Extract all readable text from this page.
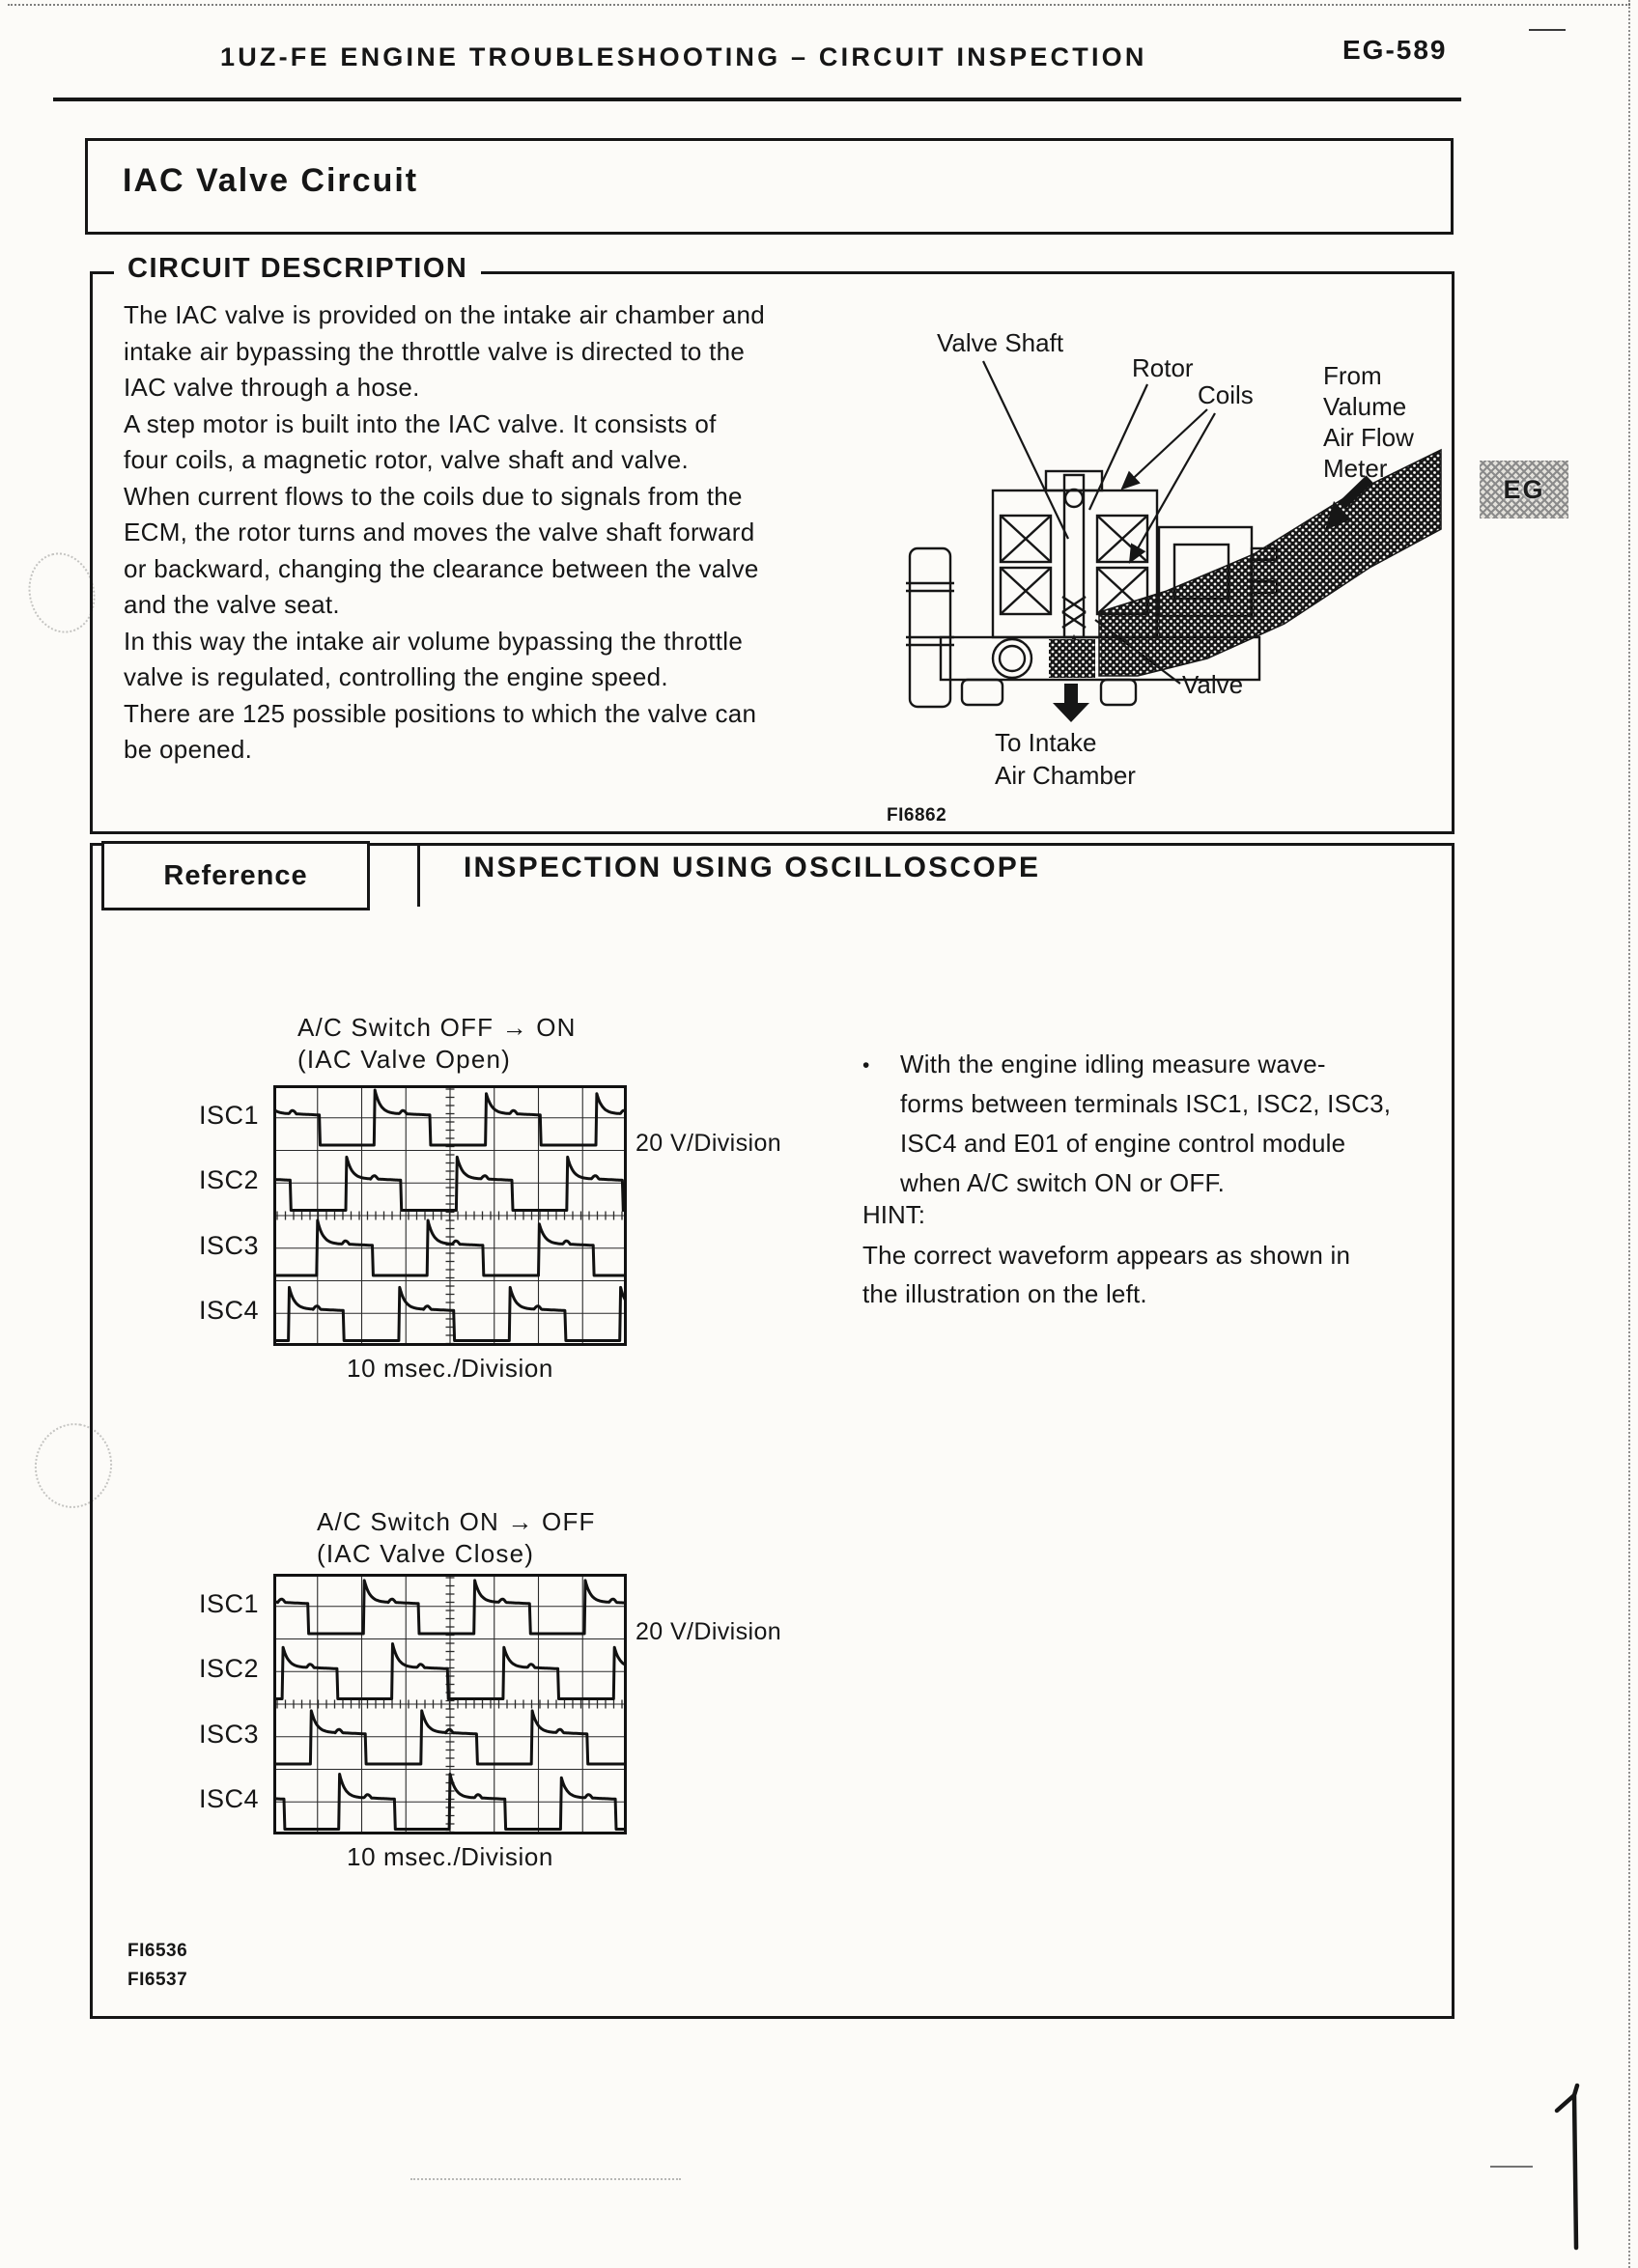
1UZ-FE ENGINE TROUBLESHOOTING – CIRCUIT INSPECTION	EG-589
IAC Valve Circuit
CIRCUIT DESCRIPTION
The IAC valve is provided on the intake air chamber and
intake air bypassing the throttle valve is directed to the
IAC valve through a hose.
A step motor is built into the IAC valve. It consists of
four coils, a magnetic rotor, valve shaft and valve.
When current flows to the coils due to signals from the
ECM, the rotor turns and moves the valve shaft forward
or backward, changing the clearance between the valve
and the valve seat.
In this way the intake air volume bypassing the throttle
valve is regulated, controlling the engine speed.
There are 125 possible positions to which the valve can
be opened.
Valve Shaft
Rotor
Coils
From
Valume
Air Flow
Meter
Valve
To Intake
Air Chamber
FI6862
EG
Reference	INSPECTION USING OSCILLOSCOPE
A/C Switch OFF → ON
(IAC Valve Open)
ISC1
ISC2
ISC3
ISC4
20 V/Division
10 msec./Division
A/C Switch ON → OFF
(IAC Valve Close)
ISC1
ISC2
ISC3
ISC4
20 V/Division
10 msec./Division
• With the engine idling measure wave-
forms between terminals ISC1, ISC2, ISC3,
ISC4 and E01 of engine control module
when A/C switch ON or OFF.
HINT:
The correct waveform appears as shown in
the illustration on the left.
FI6536
FI6537
